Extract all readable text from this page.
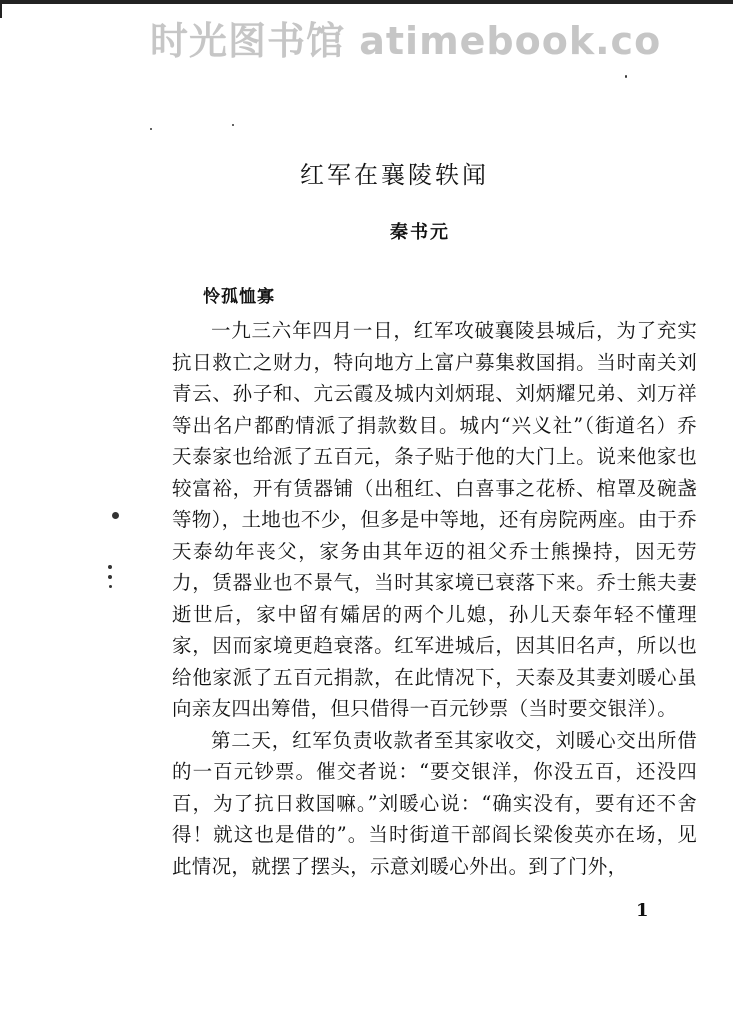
时光图书馆 atimebook.co
红军在襄陵轶闻
秦书元
怜孤恤寡

一九三六年四月一日，红军攻破襄陵县城后，为了充实抗日救亡之财力，特向地方上富户募集救国捐。当时南关刘青云、孙子和、亢云霞及城内刘炳琨、刘炳耀兄弟、刘万祥等出名户都酌情派了捐款数目。城内“兴义社”（街道名）乔天泰家也给派了五百元，条子贴于他的大门上。说来他家也较富裕，开有赁器铺（出租红、白喜事之花桥、棺罩及碗盏等物），土地也不少，但多是中等地，还有房院两座。由于乔天泰幼年丧父，家务由其年迈的祖父乔士熊操持，因无劳力，赁器业也不景气，当时其家境已衰落下来。乔士熊夫妻逝世后，家中留有孀居的两个儿媳，孙儿天泰年轻不懂理家，因而家境更趋衰落。红军进城后，因其旧名声，所以也给他家派了五百元捐款，在此情况下，天泰及其妻刘暖心虽向亲友四出筹借，但只借得一百元钞票（当时要交银洋）。

第二天，红军负责收款者至其家收交，刘暖心交出所借的一百元钞票。催交者说：“要交银洋，你没五百，还没四百，为了抗日救国嘛。”刘暖心说：“确实没有，要有还不舍得！就这也是借的”。当时街道干部阎长梁俊英亦在场，见此情况，就摆了摆头，示意刘暖心外出。到了门外，

1
